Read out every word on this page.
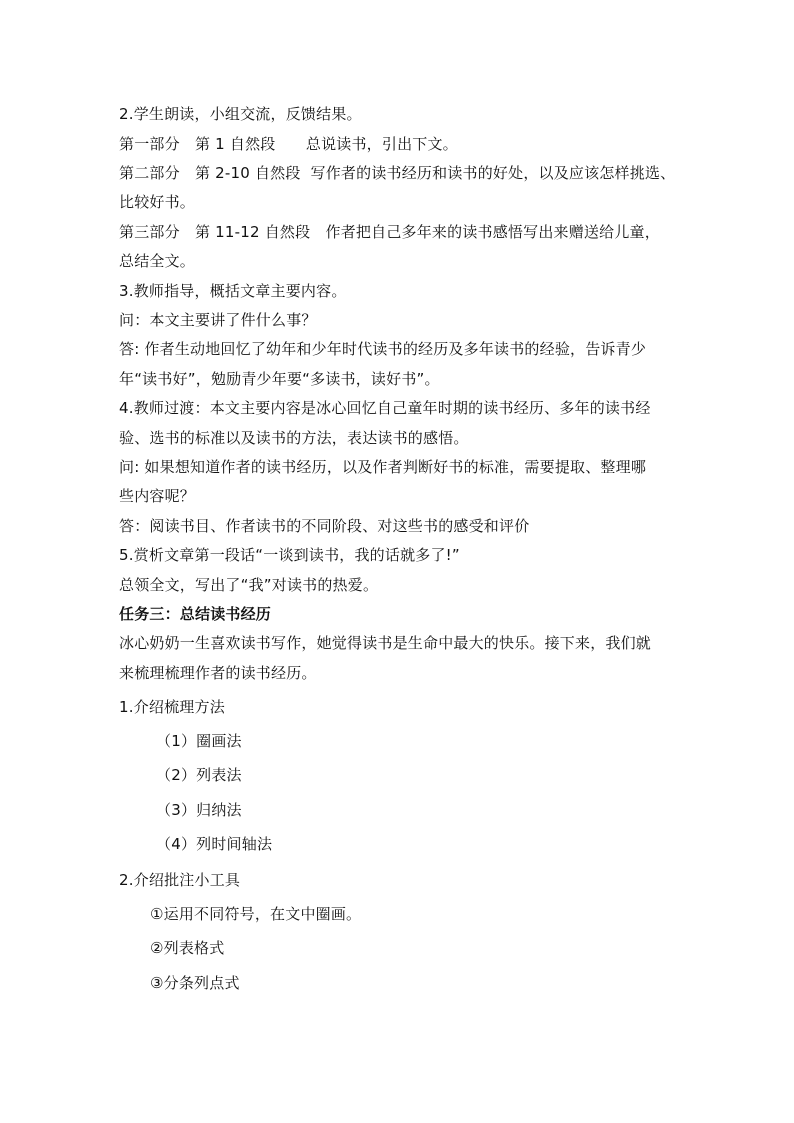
2.学生朗读，小组交流，反馈结果。
第一部分　第 1 自然段　　总说读书，引出下文。
第二部分　第 2-10 自然段  写作者的读书经历和读书的好处，以及应该怎样挑选、
比较好书。
第三部分　第 11-12 自然段　作者把自己多年来的读书感悟写出来赠送给儿童，
总结全文。
3.教师指导，概括文章主要内容。
问：本文主要讲了件什么事？
答: 作者生动地回忆了幼年和少年时代读书的经历及多年读书的经验，告诉青少
年“读书好”，勉励青少年要“多读书，读好书”。
4.教师过渡：本文主要内容是冰心回忆自己童年时期的读书经历、多年的读书经
验、选书的标准以及读书的方法，表达读书的感悟。
问: 如果想知道作者的读书经历，以及作者判断好书的标准，需要提取、整理哪
些内容呢？
答：阅读书目、作者读书的不同阶段、对这些书的感受和评价
5.赏析文章第一段话“一谈到读书，我的话就多了!”
总领全文，写出了“我”对读书的热爱。
任务三：总结读书经历
冰心奶奶一生喜欢读书写作，她觉得读书是生命中最大的快乐。接下来，我们就
来梳理梳理作者的读书经历。
1.介绍梳理方法
（1）圈画法
（2）列表法
（3）归纳法
（4）列时间轴法
2.介绍批注小工具
①运用不同符号，在文中圈画。
②列表格式
③分条列点式
